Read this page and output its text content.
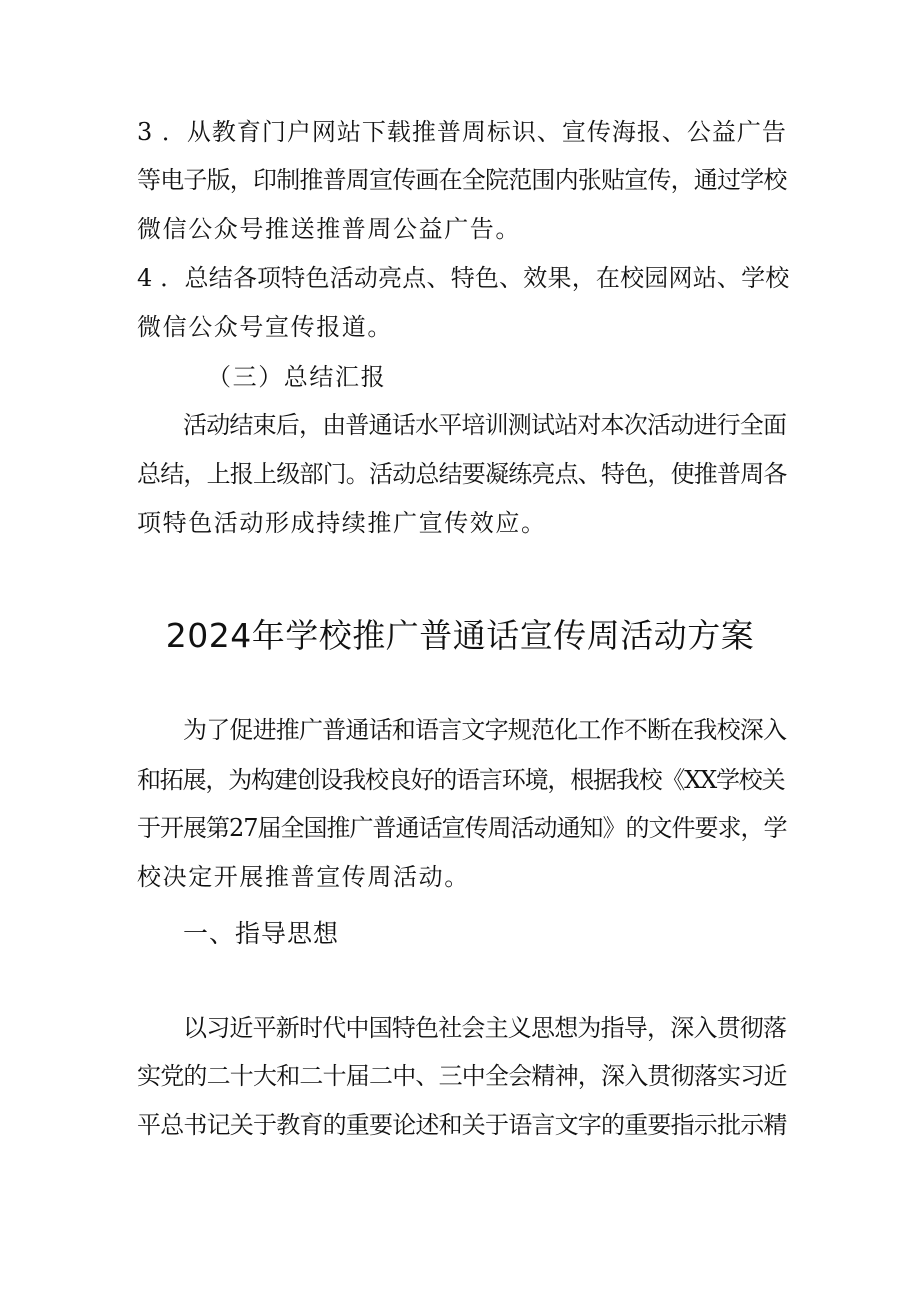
3 ．从教育门户网站下载推普周标识、宣传海报、公益广告
等电子版，印制推普周宣传画在全院范围内张贴宣传，通过学校
微信公众号推送推普周公益广告。
4 ．总结各项特色活动亮点、特色、效果，在校园网站、学校
微信公众号宣传报道。
（三）总结汇报
活动结束后，由普通话水平培训测试站对本次活动进行全面
总结，上报上级部门。活动总结要凝练亮点、特色，使推普周各
项特色活动形成持续推广宣传效应。
2024年学校推广普通话宣传周活动方案
为了促进推广普通话和语言文字规范化工作不断在我校深入
和拓展，为构建创设我校良好的语言环境，根据我校《XX学校关
于开展第27届全国推广普通话宣传周活动通知》的文件要求，学
校决定开展推普宣传周活动。
一、指导思想
以习近平新时代中国特色社会主义思想为指导，深入贯彻落
实党的二十大和二十届二中、三中全会精神，深入贯彻落实习近
平总书记关于教育的重要论述和关于语言文字的重要指示批示精
